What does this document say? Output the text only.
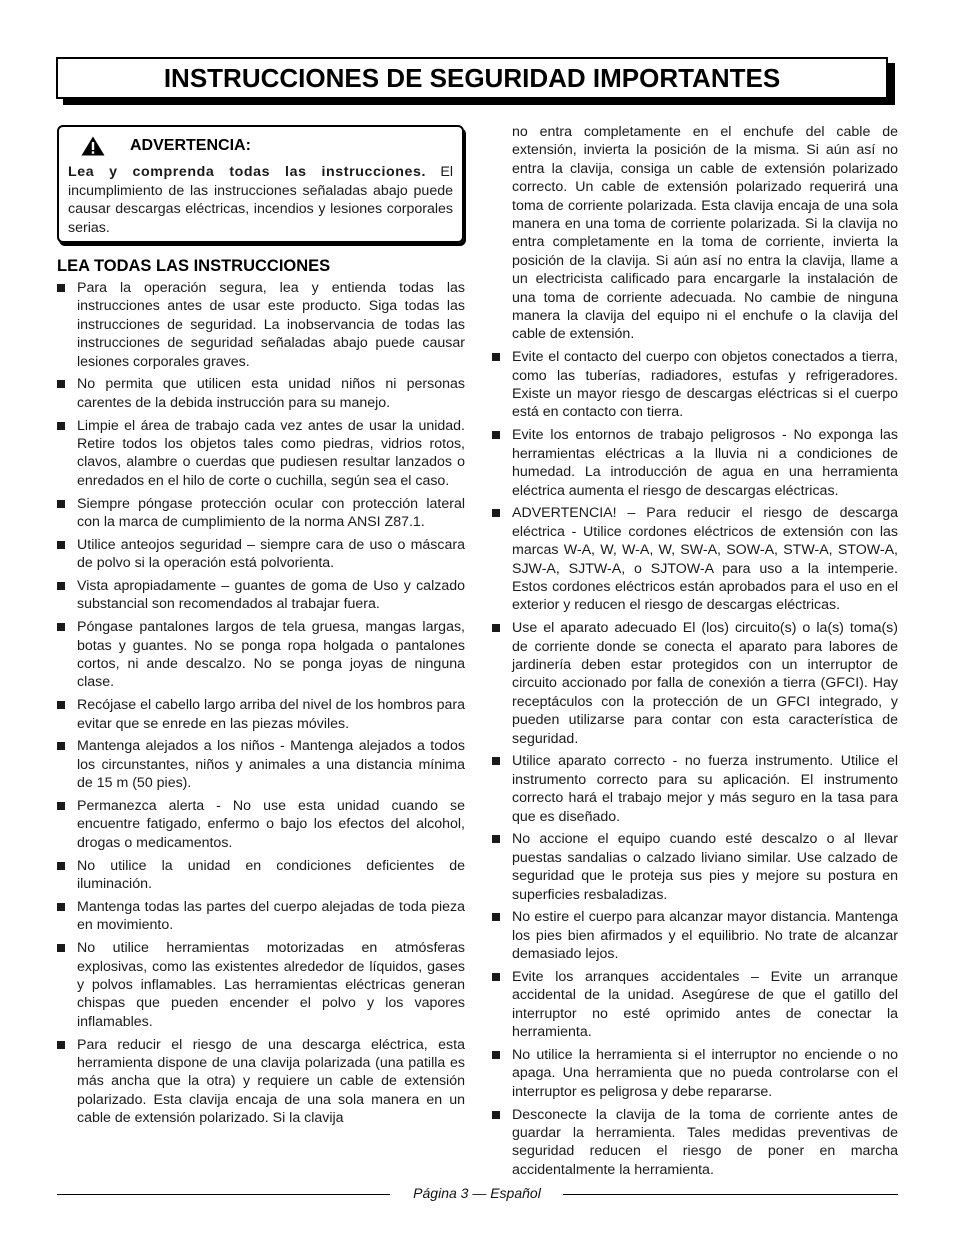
INSTRUCCIONES DE SEGURIDAD IMPORTANTES
ADVERTENCIA:

Lea y comprenda todas las instrucciones. El incumplimiento de las instrucciones señaladas abajo puede causar descargas eléctricas, incendios y lesiones corporales serias.

LEA TODAS LAS INSTRUCCIONES
Para la operación segura, lea y entienda todas las instrucciones antes de usar este producto. Siga todas las instrucciones de seguridad. La inobservancia de todas las instrucciones de seguridad señaladas abajo puede causar lesiones corporales graves.
No permita que utilicen esta unidad niños ni personas carentes de la debida instrucción para su manejo.
Limpie el área de trabajo cada vez antes de usar la unidad. Retire todos los objetos tales como piedras, vidrios rotos, clavos, alambre o cuerdas que pudiesen resultar lanzados o enredados en el hilo de corte o cuchilla, según sea el caso.
Siempre póngase protección ocular con protección lateral con la marca de cumplimiento de la norma ANSI Z87.1.
Utilice anteojos seguridad – siempre cara de uso o máscara de polvo si la operación está polvorienta.
Vista apropiadamente – guantes de goma de Uso y calzado substancial son recomendados al trabajar fuera.
Póngase pantalones largos de tela gruesa, mangas largas, botas y guantes. No se ponga ropa holgada o pantalones cortos, ni ande descalzo. No se ponga joyas de ninguna clase.
Recójase el cabello largo arriba del nivel de los hombros para evitar que se enrede en las piezas móviles.
Mantenga alejados a los niños - Mantenga alejados a todos los circunstantes, niños y animales a una distancia mínima de 15 m (50 pies).
Permanezca alerta - No use esta unidad cuando se encuentre fatigado, enfermo o bajo los efectos del alcohol, drogas o medicamentos.
No utilice la unidad en condiciones deficientes de iluminación.
Mantenga todas las partes del cuerpo alejadas de toda pieza en movimiento.
No utilice herramientas motorizadas en atmósferas explosivas, como las existentes alrededor de líquidos, gases y polvos inflamables. Las herramientas eléctricas generan chispas que pueden encender el polvo y los vapores inflamables.
Para reducir el riesgo de una descarga eléctrica, esta herramienta dispone de una clavija polarizada (una patilla es más ancha que la otra) y requiere un cable de extensión polarizado. Esta clavija encaja de una sola manera en un cable de extensión polarizado. Si la clavija

no entra completamente en el enchufe del cable de extensión, invierta la posición de la misma. Si aún así no entra la clavija, consiga un cable de extensión polarizado correcto. Un cable de extensión polarizado requerirá una toma de corriente polarizada. Esta clavija encaja de una sola manera en una toma de corriente polarizada. Si la clavija no entra completamente en la toma de corriente, invierta la posición de la clavija. Si aún así no entra la clavija, llame a un electricista calificado para encargarle la instalación de una toma de corriente adecuada. No cambie de ninguna manera la clavija del equipo ni el enchufe o la clavija del cable de extensión.

Evite el contacto del cuerpo con objetos conectados a tierra, como las tuberías, radiadores, estufas y refrigeradores. Existe un mayor riesgo de descargas eléctricas si el cuerpo está en contacto con tierra.
Evite los entornos de trabajo peligrosos - No exponga las herramientas eléctricas a la lluvia ni a condiciones de humedad. La introducción de agua en una herramienta eléctrica aumenta el riesgo de descargas eléctricas.
ADVERTENCIA! – Para reducir el riesgo de descarga eléctrica - Utilice cordones eléctricos de extensión con las marcas W-A, W, W-A, W, SW-A, SOW-A, STW-A, STOW-A, SJW-A, SJTW-A, o SJTOW-A para uso a la intemperie. Estos cordones eléctricos están aprobados para el uso en el exterior y reducen el riesgo de descargas eléctricas.
Use el aparato adecuado El (los) circuito(s) o la(s) toma(s) de corriente donde se conecta el aparato para labores de jardinería deben estar protegidos con un interruptor de circuito accionado por falla de conexión a tierra (GFCI). Hay receptáculos con la protección de un GFCI integrado, y pueden utilizarse para contar con esta característica de seguridad.
Utilice aparato correcto - no fuerza instrumento. Utilice el instrumento correcto para su aplicación. El instrumento correcto hará el trabajo mejor y más seguro en la tasa para que es diseñado.
No accione el equipo cuando esté descalzo o al llevar puestas sandalias o calzado liviano similar. Use calzado de seguridad que le proteja sus pies y mejore su postura en superficies resbaladizas.
No estire el cuerpo para alcanzar mayor distancia. Mantenga los pies bien afirmados y el equilibrio. No trate de alcanzar demasiado lejos.
Evite los arranques accidentales – Evite un arranque accidental de la unidad. Asegúrese de que el gatillo del interruptor no esté oprimido antes de conectar la herramienta.
No utilice la herramienta si el interruptor no enciende o no apaga. Una herramienta que no pueda controlarse con el interruptor es peligrosa y debe repararse.
Desconecte la clavija de la toma de corriente antes de guardar la herramienta. Tales medidas preventivas de seguridad reducen el riesgo de poner en marcha accidentalmente la herramienta.
Página 3 — Español
